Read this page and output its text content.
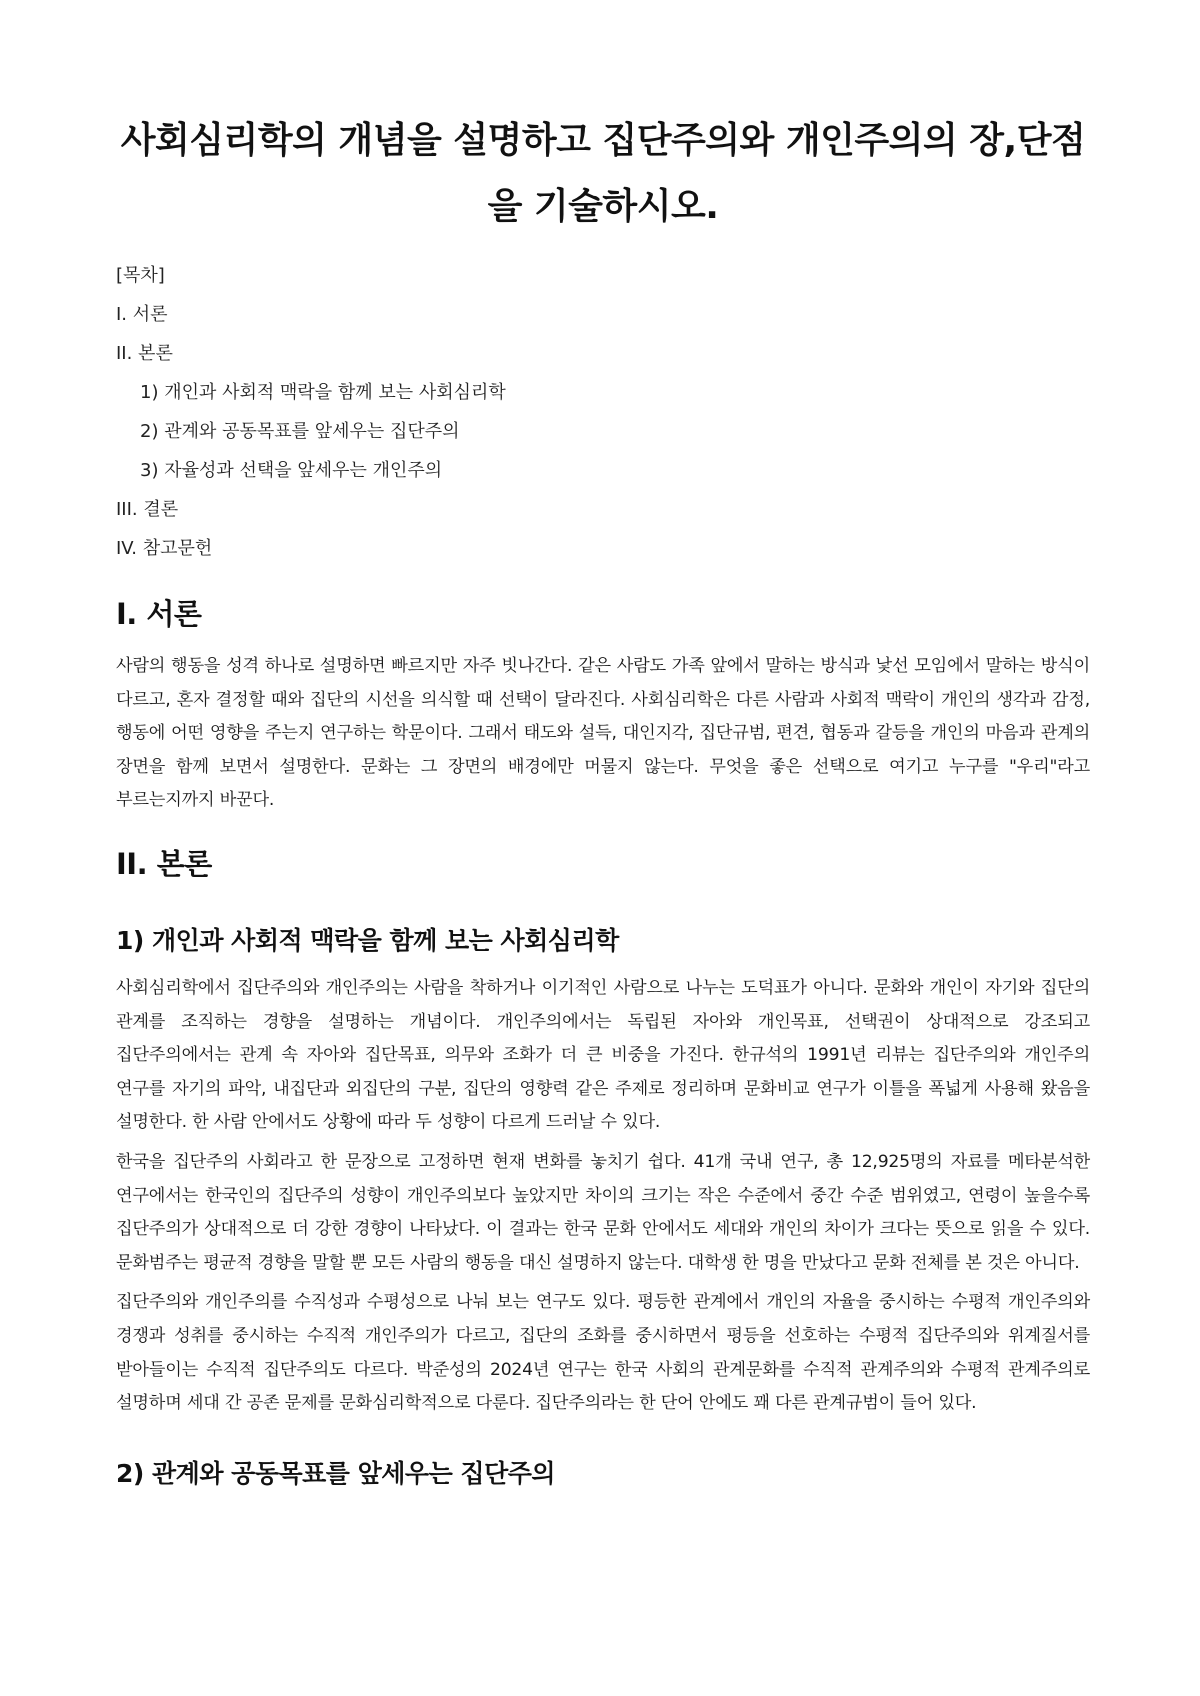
사회심리학의 개념을 설명하고 집단주의와 개인주의의 장,단점을 기술하시오.
[목차]
I. 서론
II. 본론
1) 개인과 사회적 맥락을 함께 보는 사회심리학
2) 관계와 공동목표를 앞세우는 집단주의
3) 자율성과 선택을 앞세우는 개인주의
III. 결론
IV. 참고문헌
I. 서론

사람의 행동을 성격 하나로 설명하면 빠르지만 자주 빗나간다. 같은 사람도 가족 앞에서 말하는 방식과 낯선 모임에서 말하는 방식이 다르고, 혼자 결정할 때와 집단의 시선을 의식할 때 선택이 달라진다. 사회심리학은 다른 사람과 사회적 맥락이 개인의 생각과 감정, 행동에 어떤 영향을 주는지 연구하는 학문이다. 그래서 태도와 설득, 대인지각, 집단규범, 편견, 협동과 갈등을 개인의 마음과 관계의 장면을 함께 보면서 설명한다. 문화는 그 장면의 배경에만 머물지 않는다. 무엇을 좋은 선택으로 여기고 누구를 "우리"라고 부르는지까지 바꾼다.

II. 본론
1) 개인과 사회적 맥락을 함께 보는 사회심리학

사회심리학에서 집단주의와 개인주의는 사람을 착하거나 이기적인 사람으로 나누는 도덕표가 아니다. 문화와 개인이 자기와 집단의 관계를 조직하는 경향을 설명하는 개념이다. 개인주의에서는 독립된 자아와 개인목표, 선택권이 상대적으로 강조되고 집단주의에서는 관계 속 자아와 집단목표, 의무와 조화가 더 큰 비중을 가진다. 한규석의 1991년 리뷰는 집단주의와 개인주의 연구를 자기의 파악, 내집단과 외집단의 구분, 집단의 영향력 같은 주제로 정리하며 문화비교 연구가 이틀을 폭넓게 사용해 왔음을 설명한다. 한 사람 안에서도 상황에 따라 두 성향이 다르게 드러날 수 있다.

한국을 집단주의 사회라고 한 문장으로 고정하면 현재 변화를 놓치기 쉽다. 41개 국내 연구, 총 12,925명의 자료를 메타분석한 연구에서는 한국인의 집단주의 성향이 개인주의보다 높았지만 차이의 크기는 작은 수준에서 중간 수준 범위였고, 연령이 높을수록 집단주의가 상대적으로 더 강한 경향이 나타났다. 이 결과는 한국 문화 안에서도 세대와 개인의 차이가 크다는 뜻으로 읽을 수 있다. 문화범주는 평균적 경향을 말할 뿐 모든 사람의 행동을 대신 설명하지 않는다. 대학생 한 명을 만났다고 문화 전체를 본 것은 아니다.

집단주의와 개인주의를 수직성과 수평성으로 나눠 보는 연구도 있다. 평등한 관계에서 개인의 자율을 중시하는 수평적 개인주의와 경쟁과 성취를 중시하는 수직적 개인주의가 다르고, 집단의 조화를 중시하면서 평등을 선호하는 수평적 집단주의와 위계질서를 받아들이는 수직적 집단주의도 다르다. 박준성의 2024년 연구는 한국 사회의 관계문화를 수직적 관계주의와 수평적 관계주의로 설명하며 세대 간 공존 문제를 문화심리학적으로 다룬다. 집단주의라는 한 단어 안에도 꽤 다른 관계규범이 들어 있다.

2) 관계와 공동목표를 앞세우는 집단주의
